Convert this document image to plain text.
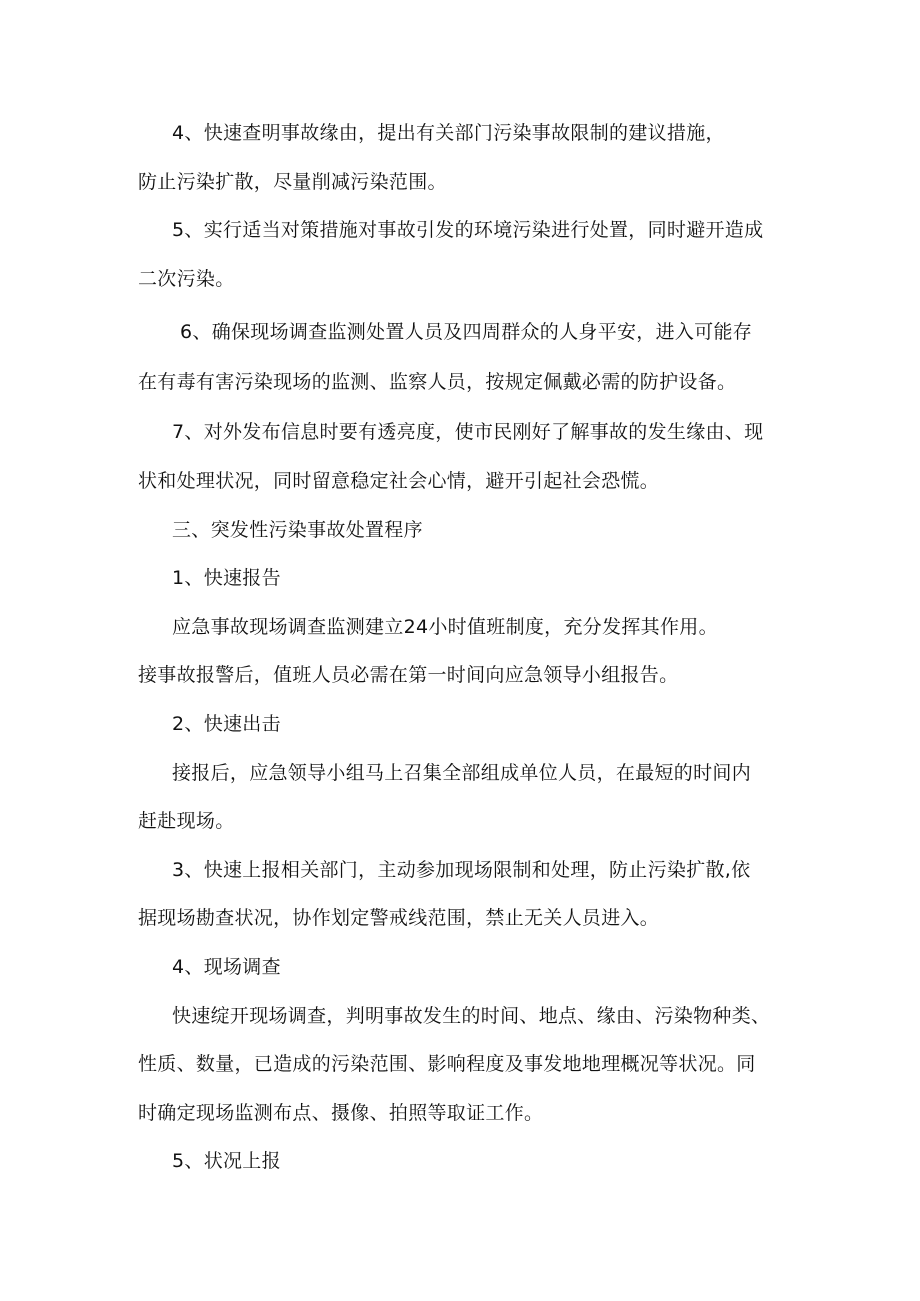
4、快速查明事故缘由，提出有关部门污染事故限制的建议措施，
防止污染扩散，尽量削减污染范围。
5、实行适当对策措施对事故引发的环境污染进行处置，同时避开造成
二次污染。
6、确保现场调查监测处置人员及四周群众的人身平安，进入可能存
在有毒有害污染现场的监测、监察人员，按规定佩戴必需的防护设备。
7、对外发布信息时要有透亮度，使市民刚好了解事故的发生缘由、现
状和处理状况，同时留意稳定社会心情，避开引起社会恐慌。
三、突发性污染事故处置程序
1、快速报告
应急事故现场调查监测建立24小时值班制度，充分发挥其作用。
接事故报警后，值班人员必需在第一时间向应急领导小组报告。
2、快速出击
接报后，应急领导小组马上召集全部组成单位人员，在最短的时间内
赶赴现场。
3、快速上报相关部门，主动参加现场限制和处理，防止污染扩散,依
据现场勘查状况，协作划定警戒线范围，禁止无关人员进入。
4、现场调查
快速绽开现场调查，判明事故发生的时间、地点、缘由、污染物种类、
性质、数量，已造成的污染范围、影响程度及事发地地理概况等状况。同
时确定现场监测布点、摄像、拍照等取证工作。
5、状况上报
